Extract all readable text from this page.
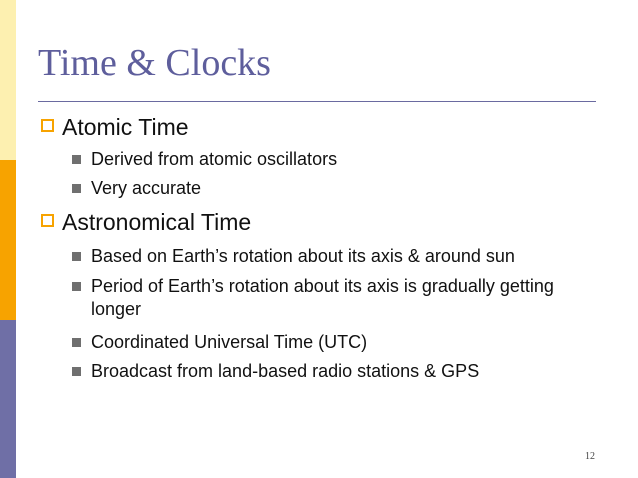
Time & Clocks
Atomic Time
Derived from atomic oscillators
Very accurate
Astronomical Time
Based on Earth’s rotation about its axis & around sun
Period of Earth’s rotation about its axis is gradually getting longer
Coordinated Universal Time (UTC)
Broadcast from land-based radio stations & GPS
12
